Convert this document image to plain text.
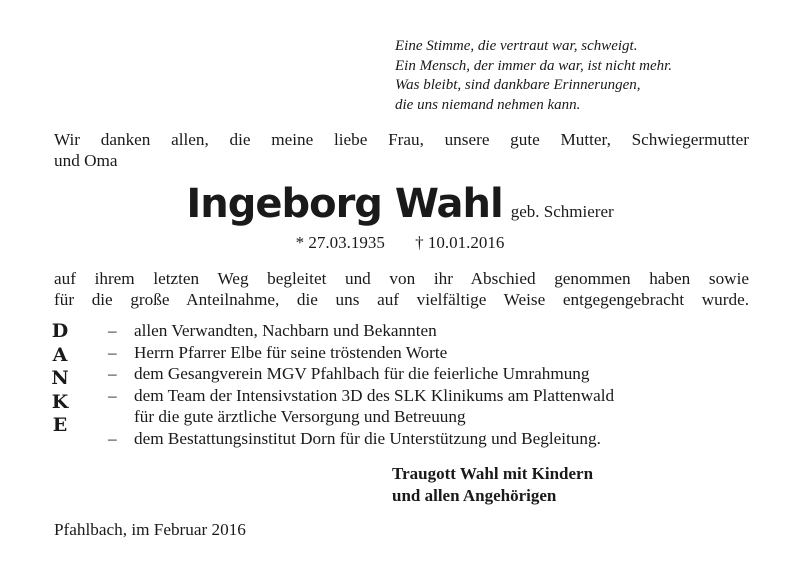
Eine Stimme, die vertraut war, schweigt.
Ein Mensch, der immer da war, ist nicht mehr.
Was bleibt, sind dankbare Erinnerungen,
die uns niemand nehmen kann.
Wir danken allen, die meine liebe Frau, unsere gute Mutter, Schwiegermutter
und Oma
Ingeborg Wahl geb. Schmierer
* 27.03.1935 † 10.01.2016
auf ihrem letzten Weg begleitet und von ihr Abschied genommen haben sowie
für die große Anteilnahme, die uns auf vielfältige Weise entgegengebracht wurde.
D
A
N
K
E
–	allen Verwandten, Nachbarn und Bekannten
–	Herrn Pfarrer Elbe für seine tröstenden Worte
–	dem Gesangverein MGV Pfahlbach für die feierliche Umrahmung
–	dem Team der Intensivstation 3D des SLK Klinikums am Plattenwald
für die gute ärztliche Versorgung und Betreuung
–	dem Bestattungsinstitut Dorn für die Unterstützung und Begleitung.
Traugott Wahl mit Kindern
und allen Angehörigen
Pfahlbach, im Februar 2016
